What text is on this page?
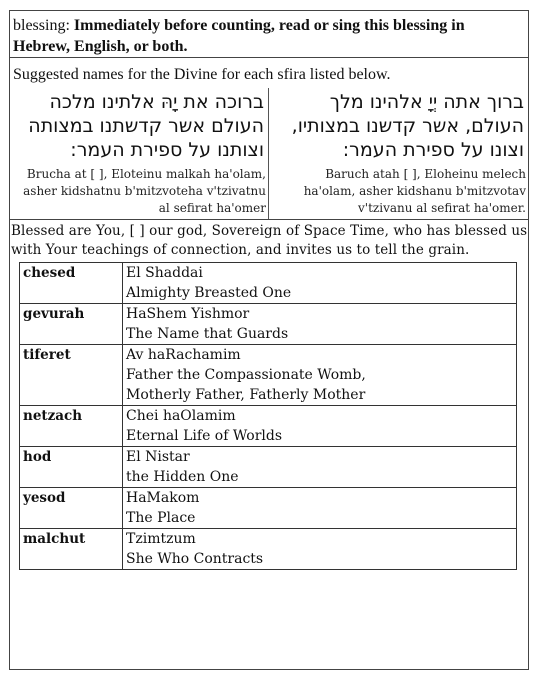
blessing: Immediately before counting, read or sing this blessing in Hebrew, English, or both.
Suggested names for the Divine for each sfira listed below.
ברוכה את יָהּ אלתינו מלכה העולם אשר קדשתנו במצותה וצותנו על ספירת העמר:
Brucha at [ ], Eloteinu malkah ha'olam, asher kidshatnu b'mitzvoteha v'tzivatnu al sefirat ha'omer
ברוך אתה יְיָ אלהינו מלך העולם, אשר קדשנו במצותיו, וצונו על ספירת העמר:
Baruch atah [ ], Eloheinu melech ha'olam, asher kidshanu b'mitzvotav v'tzivanu al sefirat ha'omer.
Blessed are You, [ ] our god, Sovereign of Space Time, who has blessed us with Your teachings of connection, and invites us to tell the grain.
chesed	El Shaddai
Almighty Breasted One

gevurah	HaShem Yishmor
The Name that Guards

tiferet	Av haRachamim
Father the Compassionate Womb,
Motherly Father, Fatherly Mother

netzach	Chei haOlamim
Eternal Life of Worlds

hod	El Nistar
the Hidden One

yesod	HaMakom
The Place

malchut	Tzimtzum
She Who Contracts
